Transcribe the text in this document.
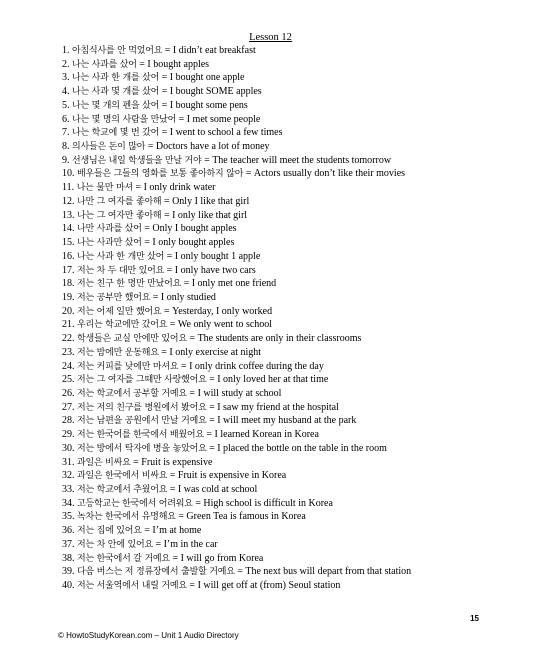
Lesson 12
1. 아침식사를 안 먹었어요 = I didn’t eat breakfast
2. 나는 사과를 샀어 = I bought apples
3. 나는 사과 한 개를 샀어 = I bought one apple
4. 나는 사과 몇 개를 샀어 = I bought SOME apples
5. 나는 몇 개의 펜을 샀어 = I bought some pens
6. 나는 몇 명의 사람을 만났어 = I met some people
7. 나는 학교에 몇 번 갔어 = I went to school a few times
8. 의사들은 돈이 많아 = Doctors have a lot of money
9. 선생님은 내일 학생들을 만날 거야 = The teacher will meet the students tomorrow
10. 배우들은 그들의 영화를 보통 좋아하지 않아 = Actors usually don’t like their movies
11. 나는 물만 마셔 = I only drink water
12. 나만 그 여자를 좋아해 = Only I like that girl
13. 나는 그 여자만 좋아해 = I only like that girl
14. 나만 사과를 샀어 = Only I bought apples
15. 나는 사과만 샀어 = I only bought apples
16. 나는 사과 한 개만 샀어 = I only bought 1 apple
17. 저는 차 두 대만 있어요 = I only have two cars
18. 저는 친구 한 명만 만났어요 = I only met one friend
19. 저는 공부만 했어요 = I only studied
20. 저는 어제 일만 했어요 = Yesterday, I only worked
21. 우리는 학교에만 갔어요 = We only went to school
22. 학생들은 교실 안에만 있어요 = The students are only in their classrooms
23. 저는 밤에만 운동해요 = I only exercise at night
24. 저는 커피를 낮에만 마셔요 = I only drink coffee during the day
25. 저는 그 여자를 그때만 사랑했어요 = I only loved her at that time
26. 저는 학교에서 공부할 거예요 = I will study at school
27. 저는 저의 친구를 병원에서 봤어요 = I saw my friend at the hospital
28. 저는 남편을 공원에서 만날 거예요 = I will meet my husband at the park
29. 저는 한국어를 한국에서 배웠어요 = I learned Korean in Korea
30. 저는 방에서 탁자에 병을 놓았어요 = I placed the bottle on the table in the room
31. 과일은 비싸요 = Fruit is expensive
32. 과일은 한국에서 비싸요 = Fruit is expensive in Korea
33. 저는 학교에서 추웠어요 = I was cold at school
34. 고등학교는 한국에서 어려워요 = High school is difficult in Korea
35. 녹차는 한국에서 유명해요 = Green Tea is famous in Korea
36. 저는 집에 있어요 = I’m at home
37. 저는 차 안에 있어요 = I’m in the car
38. 저는 한국에서 갈 거예요 = I will go from Korea
39. 다음 버스는 저 정류장에서 출발할 거예요 = The next bus will depart from that station
40. 저는 서울역에서 내릴 거예요 = I will get off at (from) Seoul station
15
© HowtoStudyKorean.com – Unit 1 Audio Directory
